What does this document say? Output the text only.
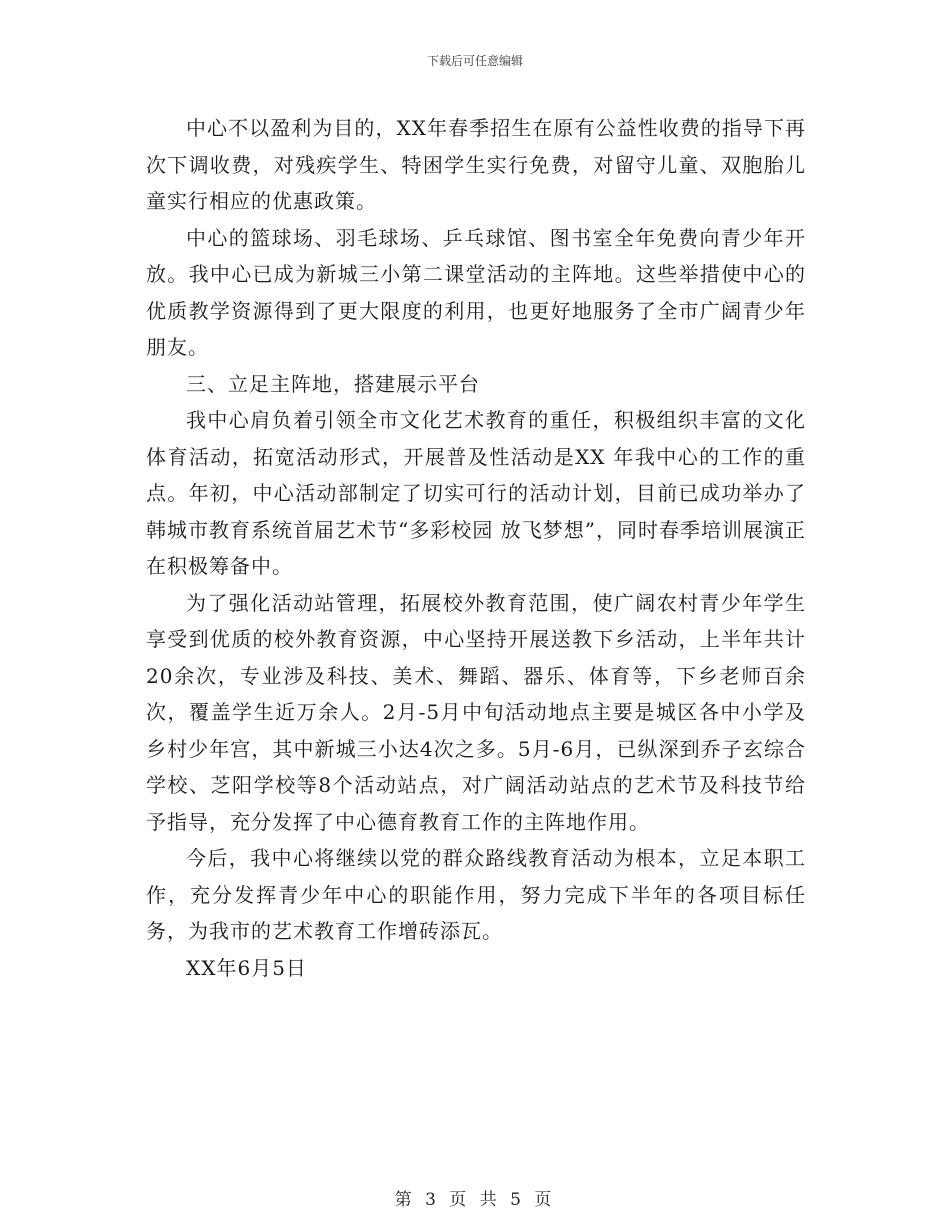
下载后可任意编辑

中心不以盈利为目的，XX年春季招生在原有公益性收费的指导下再次下调收费，对残疾学生、特困学生实行免费，对留守儿童、双胞胎儿童实行相应的优惠政策。

中心的篮球场、羽毛球场、乒乓球馆、图书室全年免费向青少年开放。我中心已成为新城三小第二课堂活动的主阵地。这些举措使中心的优质教学资源得到了更大限度的利用，也更好地服务了全市广阔青少年朋友。

三、立足主阵地，搭建展示平台

我中心肩负着引领全市文化艺术教育的重任，积极组织丰富的文化体育活动，拓宽活动形式，开展普及性活动是XX 年我中心的工作的重点。年初，中心活动部制定了切实可行的活动计划，目前已成功举办了韩城市教育系统首届艺术节“多彩校园 放飞梦想”，同时春季培训展演正在积极筹备中。

为了强化活动站管理，拓展校外教育范围，使广阔农村青少年学生享受到优质的校外教育资源，中心坚持开展送教下乡活动，上半年共计20余次，专业涉及科技、美术、舞蹈、器乐、体育等，下乡老师百余次，覆盖学生近万余人。2月-5月中旬活动地点主要是城区各中小学及乡村少年宫，其中新城三小达4次之多。5月-6月，已纵深到乔子玄综合学校、芝阳学校等8个活动站点，对广阔活动站点的艺术节及科技节给予指导，充分发挥了中心德育教育工作的主阵地作用。

今后，我中心将继续以党的群众路线教育活动为根本，立足本职工作，充分发挥青少年中心的职能作用，努力完成下半年的各项目标任务，为我市的艺术教育工作增砖添瓦。

XX年6月5日

第 3 页 共 5 页
